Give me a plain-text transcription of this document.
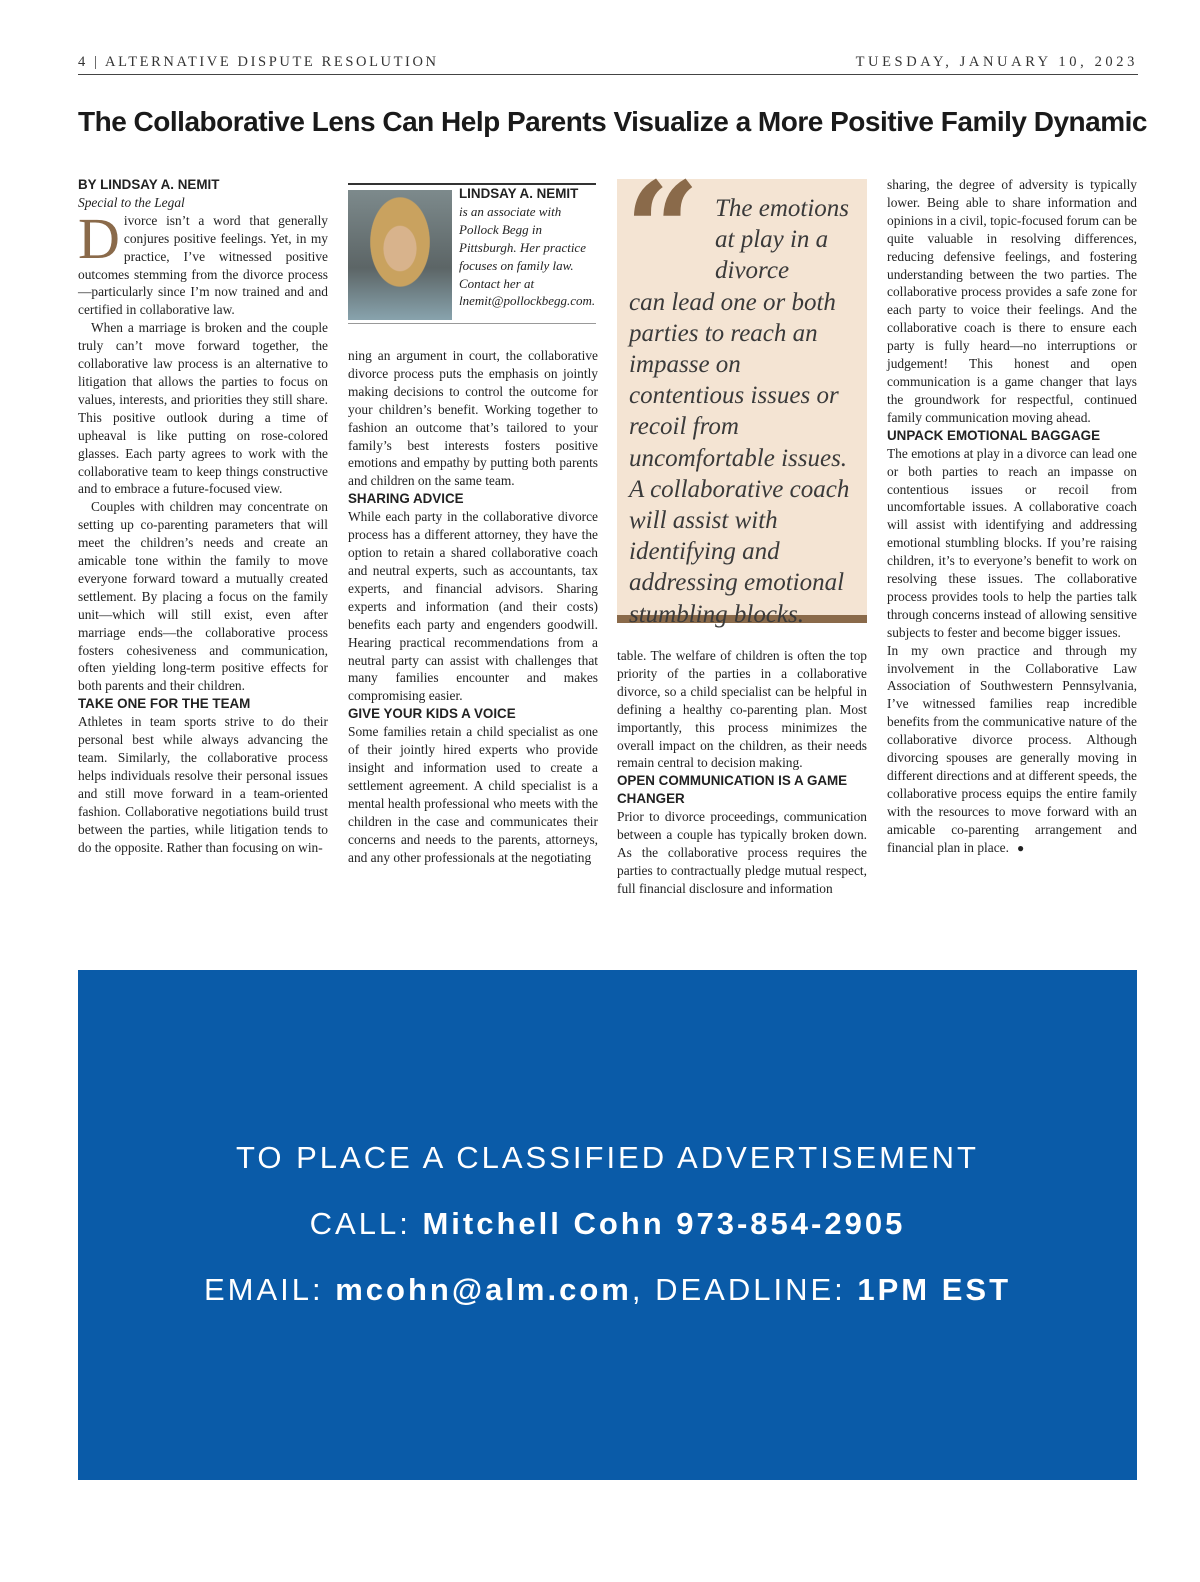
4 | ALTERNATIVE DISPUTE RESOLUTION	TUESDAY, JANUARY 10, 2023
The Collaborative Lens Can Help Parents Visualize a More Positive Family Dynamic

BY LINDSAY A. NEMIT

Special to the Legal

Divorce isn’t a word that generally conjures positive feelings. Yet, in my practice, I’ve witnessed positive outcomes stemming from the divorce process—particularly since I’m now trained and and certified in collaborative law.

When a marriage is broken and the couple truly can’t move forward together, the collaborative law process is an alternative to litigation that allows the parties to focus on values, interests, and priorities they still share. This positive outlook during a time of upheaval is like putting on rose-colored glasses. Each party agrees to work with the collaborative team to keep things constructive and to embrace a future-focused view.

Couples with children may concentrate on setting up co-parenting parameters that will meet the children’s needs and create an amicable tone within the family to move everyone forward toward a mutually created settlement. By placing a focus on the family unit—which will still exist, even after marriage ends—the collaborative process fosters cohesiveness and communication, often yielding long-term positive effects for both parents and their children.

TAKE ONE FOR THE TEAM

Athletes in team sports strive to do their personal best while always advancing the team. Similarly, the collaborative process helps individuals resolve their personal issues and still move forward in a team-oriented fashion. Collaborative negotiations build trust between the parties, while litigation tends to do the opposite. Rather than focusing on win-

LINDSAY A. NEMIT
is an associate with Pollock Begg in Pittsburgh. Her practice focuses on family law. Contact her at lnemit@pollockbegg.com.

ning an argument in court, the collaborative divorce process puts the emphasis on jointly making decisions to control the outcome for your children’s benefit. Working together to fashion an outcome that’s tailored to your family’s best interests fosters positive emotions and empathy by putting both parents and children on the same team.

SHARING ADVICE

While each party in the collaborative divorce process has a different attorney, they have the option to retain a shared collaborative coach and neutral experts, such as accountants, tax experts, and financial advisors. Sharing experts and information (and their costs) benefits each party and engenders goodwill. Hearing practical recommendations from a neutral party can assist with challenges that many families encounter and makes compromising easier.

GIVE YOUR KIDS A VOICE

Some families retain a child specialist as one of their jointly hired experts who provide insight and information used to create a settlement agreement. A child specialist is a mental health professional who meets with the children in the case and communicates their concerns and needs to the parents, attorneys, and any other professionals at the negotiating

“ The emotions at play in a divorce
can lead one or both parties to reach an impasse on contentious issues or recoil from uncomfortable issues. A collaborative coach will assist with identifying and addressing emotional stumbling blocks.

table. The welfare of children is often the top priority of the parties in a collaborative divorce, so a child specialist can be helpful in defining a healthy co-parenting plan. Most importantly, this process minimizes the overall impact on the children, as their needs remain central to decision making.

OPEN COMMUNICATION IS A GAME CHANGER

Prior to divorce proceedings, communication between a couple has typically broken down. As the collaborative process requires the parties to contractually pledge mutual respect, full financial disclosure and information

sharing, the degree of adversity is typically lower. Being able to share information and opinions in a civil, topic-focused forum can be quite valuable in resolving differences, reducing defensive feelings, and fostering understanding between the two parties. The collaborative process provides a safe zone for each party to voice their feelings. And the collaborative coach is there to ensure each party is fully heard—no interruptions or judgement! This honest and open communication is a game changer that lays the groundwork for respectful, continued family communication moving ahead.

UNPACK EMOTIONAL BAGGAGE

The emotions at play in a divorce can lead one or both parties to reach an impasse on contentious issues or recoil from uncomfortable issues. A collaborative coach will assist with identifying and addressing emotional stumbling blocks. If you’re raising children, it’s to everyone’s benefit to work on resolving these issues. The collaborative process provides tools to help the parties talk through concerns instead of allowing sensitive subjects to fester and become bigger issues.

In my own practice and through my involvement in the Collaborative Law Association of Southwestern Pennsylvania, I’ve witnessed families reap incredible benefits from the communicative nature of the collaborative divorce process. Although divorcing spouses are generally moving in different directions and at different speeds, the collaborative process equips the entire family with the resources to move forward with an amicable co-parenting arrangement and financial plan in place. ●

TO PLACE A CLASSIFIED ADVERTISEMENT
CALL: Mitchell Cohn 973-854-2905
EMAIL: mcohn@alm.com, DEADLINE: 1PM EST
